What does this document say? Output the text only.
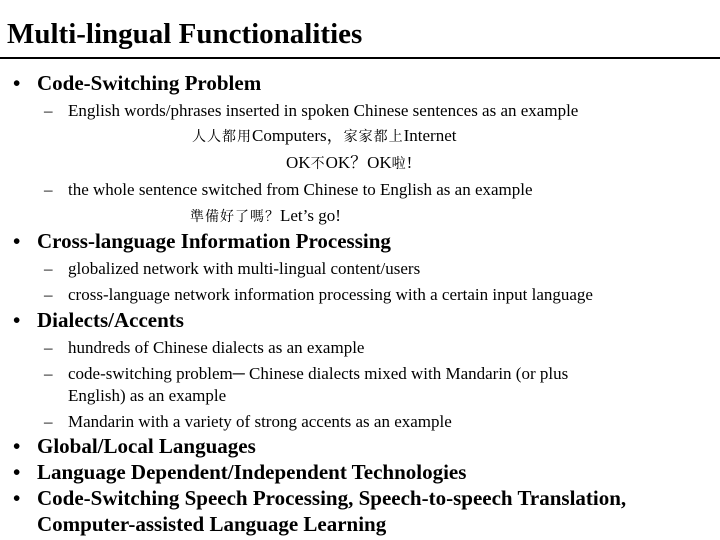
Multi-lingual Functionalities
• Code-Switching Problem
– English words/phrases inserted in spoken Chinese sentences as an example
人人都用Computers，家家都上Internet
OK不OK？OK啦!
– the whole sentence switched from Chinese to English as an example
準備好了嗎？Let’s go!
• Cross-language Information Processing
– globalized network with multi-lingual content/users
– cross-language network information processing with a certain input language
• Dialects/Accents
– hundreds of Chinese dialects as an example
– code-switching problem─ Chinese dialects mixed with Mandarin (or plus
English) as an example
– Mandarin with a variety of strong accents as an example
• Global/Local Languages
• Language Dependent/Independent Technologies
• Code-Switching Speech Processing, Speech-to-speech Translation,
Computer-assisted Language Learning
